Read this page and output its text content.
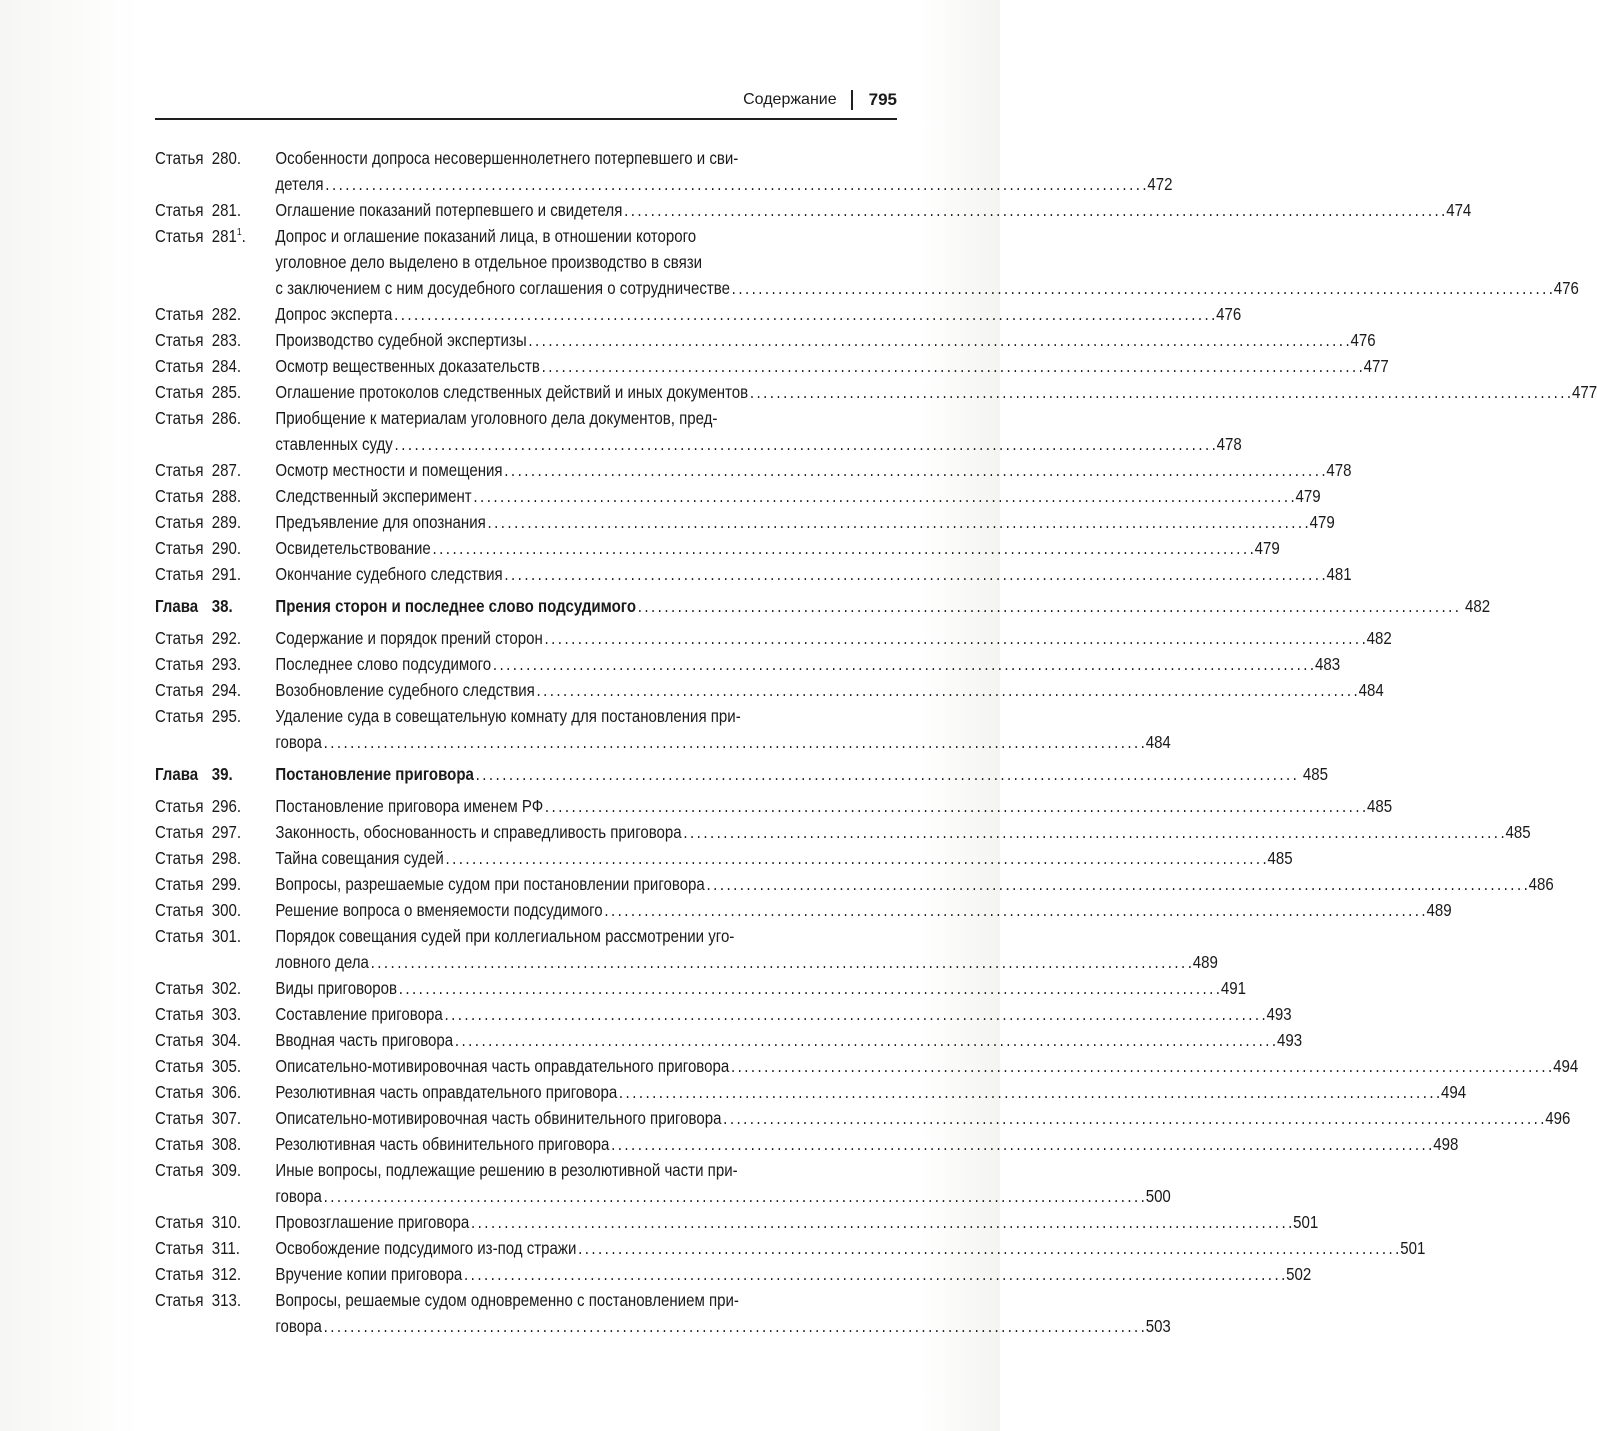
Содержание 795
Статья 280. Особенности допроса несовершеннолетнего потерпевшего и сви-
детеля . . .	472
Статья 281. Оглашение показаний потерпевшего и свидетеля . . .	474
Статья $281^1$. Допрос и оглашение показаний лица, в отношении которого
уголовное дело выделено в отдельное производство в связи
с заключением с ним досудебного соглашения о сотрудничестве . . .	476
Статья 282. Допрос эксперта . . .	476
Статья 283. Производство судебной экспертизы . . .	476
Статья 284. Осмотр вещественных доказательств . . .	477
Статья 285. Оглашение протоколов следственных действий и иных документов . . .	477
Статья 286. Приобщение к материалам уголовного дела документов, пред-
ставленных суду . . .	478
Статья 287. Осмотр местности и помещения . . .	478
Статья 288. Следственный эксперимент . . .	479
Статья 289. Предъявление для опознания . . .	479
Статья 290. Освидетельствование . . .	479
Статья 291. Окончание судебного следствия . . .	481
Глава 38. Прения сторон и последнее слово подсудимого . . .	482
Статья 292. Содержание и порядок прений сторон . . .	482
Статья 293. Последнее слово подсудимого . . .	483
Статья 294. Возобновление судебного следствия . . .	484
Статья 295. Удаление суда в совещательную комнату для постановления при-
говора . . .	484
Глава 39. Постановление приговора . . .	485
Статья 296. Постановление приговора именем РФ . . .	485
Статья 297. Законность, обоснованность и справедливость приговора . . .	485
Статья 298. Тайна совещания судей . . .	485
Статья 299. Вопросы, разрешаемые судом при постановлении приговора . . .	486
Статья 300. Решение вопроса о вменяемости подсудимого . . .	489
Статья 301. Порядок совещания судей при коллегиальном рассмотрении уго-
ловного дела . . .	489
Статья 302. Виды приговоров . . .	491
Статья 303. Составление приговора . . .	493
Статья 304. Вводная часть приговора . . .	493
Статья 305. Описательно-мотивировочная часть оправдательного приговора . . .	494
Статья 306. Резолютивная часть оправдательного приговора . . .	494
Статья 307. Описательно-мотивировочная часть обвинительного приговора . . .	496
Статья 308. Резолютивная часть обвинительного приговора . . .	498
Статья 309. Иные вопросы, подлежащие решению в резолютивной части при-
говора . . .	500
Статья 310. Провозглашение приговора . . .	501
Статья 311. Освобождение подсудимого из-под стражи . . .	501
Статья 312. Вручение копии приговора . . .	502
Статья 313. Вопросы, решаемые судом одновременно с постановлением при-
говора . . .	503
